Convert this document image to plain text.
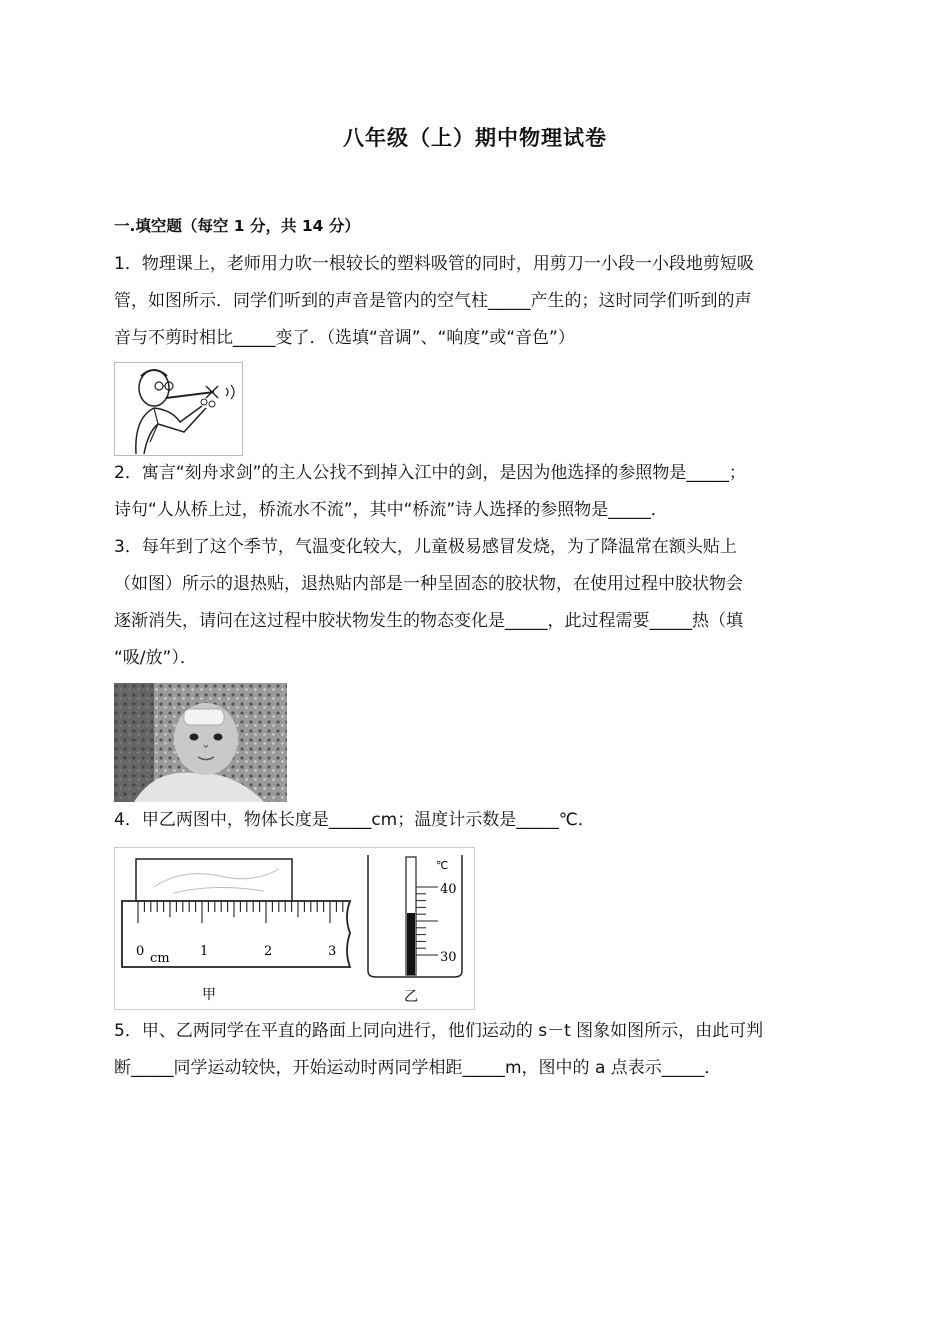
八年级（上）期中物理试卷
一.填空题（每空 1 分，共 14 分）
1．物理课上，老师用力吹一根较长的塑料吸管的同时，用剪刀一小段一小段地剪短吸
管，如图所示．同学们听到的声音是管内的空气柱_____产生的；这时同学们听到的声
音与不剪时相比_____变了．（选填“音调”、“响度”或“音色”）
2．寓言“刻舟求剑”的主人公找不到掉入江中的剑，是因为他选择的参照物是_____；
诗句“人从桥上过，桥流水不流”，其中“桥流”诗人选择的参照物是_____．
3．每年到了这个季节，气温变化较大，儿童极易感冒发烧，为了降温常在额头贴上
（如图）所示的退热贴，退热贴内部是一种呈固态的胶状物，在使用过程中胶状物会
逐渐消失，请问在这过程中胶状物发生的物态变化是_____，此过程需要_____热（填
“吸/放”）．
4．甲乙两图中，物体长度是_____cm；温度计示数是_____℃．
0	1	2	3
cm
甲
℃
40
30
乙
5．甲、乙两同学在平直的路面上同向进行，他们运动的 s－t 图象如图所示，由此可判
断_____同学运动较快，开始运动时两同学相距_____m，图中的 a 点表示_____．
